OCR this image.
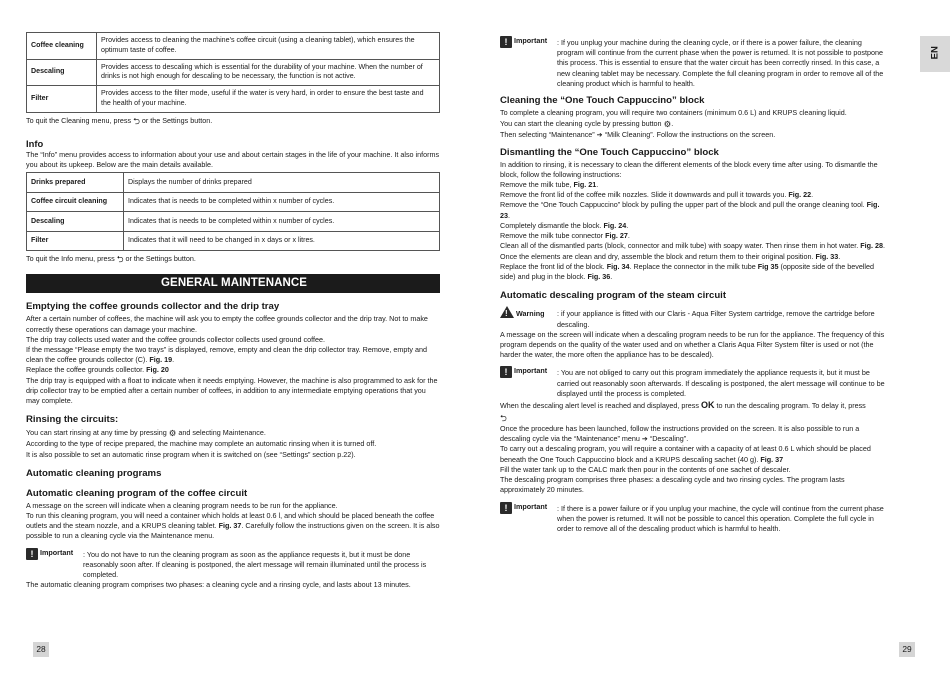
Coffee cleaning	Provides access to cleaning the machine’s coffee circuit (using a cleaning tablet), which ensures the optimum taste of coffee.
Descaling	Provides access to descaling which is essential for the durability of your machine. When the number of drinks is not high enough for descaling to be necessary, the function is not active.
Filter	Provides access to the filter mode, useful if the water is very hard, in order to ensure the best taste and the health of your machine.

To quit the Cleaning menu, press ⮌ or the Settings button.

Info

The “Info” menu provides access to information about your use and about certain stages in the life of your machine. It also informs you about its upkeep. Below are the main details available.

Drinks prepared	Displays the number of drinks prepared
Coffee circuit cleaning	Indicates that is needs to be completed within x number of cycles.
Descaling	Indicates that is needs to be completed within x number of cycles.
Filter	Indicates that it will need to be changed in x days or x litres.

To quit the Info menu, press ⮌ or the Settings button.

GENERAL MAINTENANCE
Emptying the coffee grounds collector and the drip tray

After a certain number of coffees, the machine will ask you to empty the coffee grounds collector and the drip tray. Not to make correctly these operations can damage your machine.

The drip tray collects used water and the coffee grounds collector collects used ground coffee.

If the message “Please empty the two trays” is displayed, remove, empty and clean the drip collector tray. Remove, empty and clean the coffee grounds collector (C). Fig. 19.

Replace the coffee grounds collector. Fig. 20

The drip tray is equipped with a float to indicate when it needs emptying. However, the machine is also programmed to ask for the drip collector tray to be emptied after a certain number of coffees, in addition to any intermediate emptying operations that you may complete.

Rinsing the circuits:

You can start rinsing at any time by pressing ⚙ and selecting Maintenance.

According to the type of recipe prepared, the machine may complete an automatic rinsing when it is turned off.

It is also possible to set an automatic rinse program when it is switched on (see “Settings” section p.22).

Automatic cleaning programs
Automatic cleaning program of the coffee circuit

A message on the screen will indicate when a cleaning program needs to be run for the appliance.

To run this cleaning program, you will need a container which holds at least 0.6 l, and which should be placed beneath the coffee outlets and the steam nozzle, and a KRUPS cleaning tablet. Fig. 37. Carefully follow the instructions given on the screen. It is also possible to run a cleaning cycle via the Maintenance menu.

! Important : You do not have to run the cleaning program as soon as the appliance requests it, but it must be done reasonably soon after. If cleaning is postponed, the alert message will remain illuminated until the process is completed.

The automatic cleaning program comprises two phases: a cleaning cycle and a rinsing cycle, and lasts about 13 minutes.

28
! Important : If you unplug your machine during the cleaning cycle, or if there is a power failure, the cleaning program will continue from the current phase when the power is returned. It is not possible to postpone this process. This is essential to ensure that the water circuit has been correctly rinsed. In this case, a new cleaning tablet may be necessary. Complete the full cleaning program in order to remove all of the cleaning product which is harmful to health.
Cleaning the “One Touch Cappuccino” block

To complete a cleaning program, you will require two containers (minimum 0.6 L) and KRUPS cleaning liquid.

You can start the cleaning cycle by pressing button ⚙.

Then selecting “Maintenance” ➔ “Milk Cleaning”. Follow the instructions on the screen.

Dismantling the “One Touch Cappuccino” block

In addition to rinsing, it is necessary to clean the different elements of the block every time after using. To dismantle the block, follow the following instructions:

Remove the milk tube, Fig. 21.

Remove the front lid of the coffee milk nozzles. Slide it downwards and pull it towards you. Fig. 22.

Remove the “One Touch Cappuccino” block by pulling the upper part of the block and pull the orange cleaning tool. Fig. 23.

Completely dismantle the block. Fig. 24.

Remove the milk tube connector Fig. 27.

Clean all of the dismantled parts (block, connector and milk tube) with soapy water. Then rinse them in hot water. Fig. 28.

Once the elements are clean and dry, assemble the block and return them to their original position. Fig. 33.

Replace the front lid of the block. Fig. 34. Replace the connector in the milk tube Fig 35 (opposite side of the bevelled side) and plug in the block. Fig. 36.

Automatic descaling program of the steam circuit
! Warning : if your appliance is fitted with our Claris - Aqua Filter System cartridge, remove the cartridge before descaling.

A message on the screen will indicate when a descaling program needs to be run for the appliance. The frequency of this program depends on the quality of the water used and on whether a Claris Aqua Filter System filter is used or not (the harder the water, the more often the appliance has to be descaled).

! Important : You are not obliged to carry out this program immediately the appliance requests it, but it must be carried out reasonably soon afterwards. If descaling is postponed, the alert message will continue to be displayed until the process is completed.

When the descaling alert level is reached and displayed, press OK to run the descaling program. To delay it, press
⮌

Once the procedure has been launched, follow the instructions provided on the screen. It is also possible to run a descaling cycle via the “Maintenance” menu ➔ “Descaling”.

To carry out a descaling program, you will require a container with a capacity of at least 0.6 L which should be placed beneath the One Touch Cappuccino block and a KRUPS descaling sachet (40 g). Fig. 37

Fill the water tank up to the CALC mark then pour in the contents of one sachet of descaler.

The descaling program comprises three phases: a descaling cycle and two rinsing cycles. The program lasts approximately 20 minutes.

! Important : If there is a power failure or if you unplug your machine, the cycle will continue from the current phase when the power is returned. It will not be possible to cancel this operation. Complete the full cycle in order to remove all of the descaling product which is harmful to health.
EN
29
